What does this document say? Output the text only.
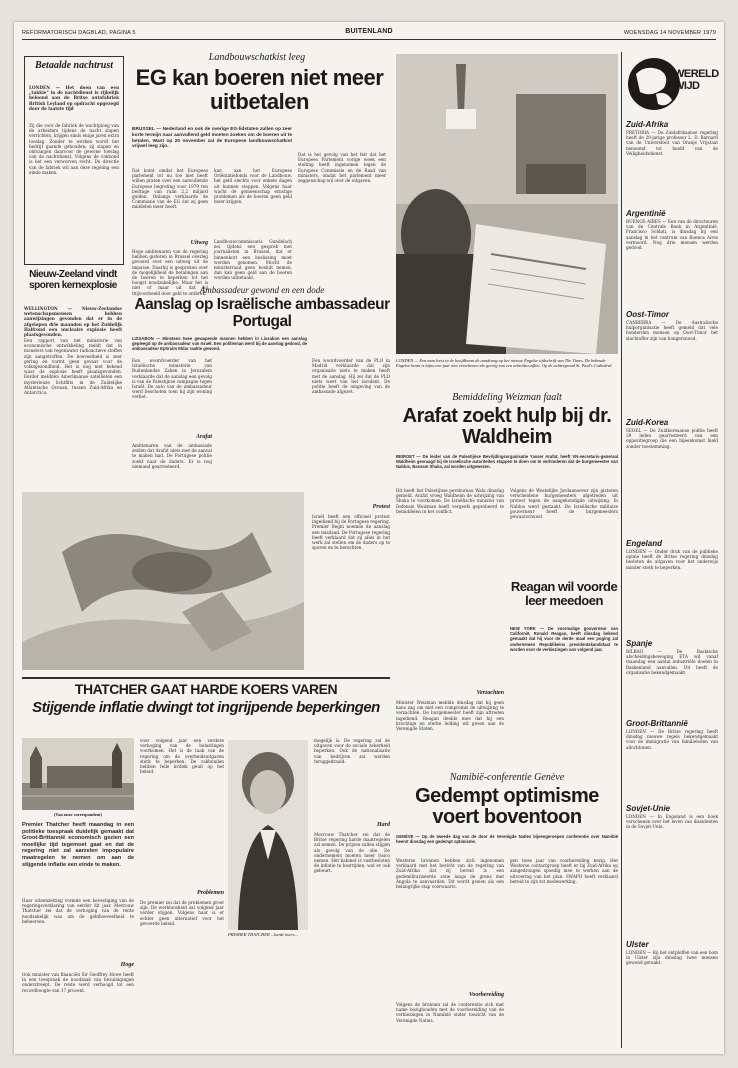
REFORMATORISCH DAGBLAD, PAGINA 5	BUITENLAND	WOENSDAG 14 NOVEMBER 1979
Betaalde nachtrust
LONDEN — Het doen van een „tukkie" in de nachtdienst is rijkelijk beloond aan de Britse autofabriek British Leyland op opdracht opgezegd door de laatste tijd
Zij die voor de fabriek de wachtploeg van de arbeiders tijdens de nacht slapen verrichten, krijgen sinds enige jaren extra toeslag. Zonder te werken wordt het bedrijf gaande gehouden; zij slapen en ontvangen daarvoor de gewone toeslag van de nachtdienst. Volgens de vakbond is het een verworven recht. De directie van de fabriek wil aan deze regeling een einde maken.
Nieuw-Zeeland vindt sporen kernexplosie
WELLINGTON — Nieuw-Zeelandse wetenschapsmensen hebben aanwijzingen gevonden dat er in de afgelopen drie maanden op het Zuidelijk Halfrond een nucleaire explosie heeft plaatsgevonden.
Een rapport van het ministerie van economische ontwikkeling meldt dat in monsters van regenwater radioactieve stoffen zijn aangetroffen. De hoeveelheid is zeer gering en vormt geen gevaar voor de volksgezondheid. Het is nog niet bekend waar de explosie heeft plaatsgevonden. Eerder meldden Amerikaanse satellieten een mysterieuze lichtflits in de Zuidelijke Atlantische Oceaan, tussen Zuid-Afrika en Antarctica.
Landbouwschatkist leeg
EG kan boeren niet meer uitbetalen
BRUSSEL — Nederland en ook de overige EG-lidstaten zullen op zeer korte termijn naar aanvullend geld moeten zoeken om de boeren uit te betalen. Want op 20 november zal de Europese landbouwschatkist vrijwel leeg zijn.
Dat komt omdat het Europees parlement tot nu toe niet heeft willen praten over een aanvullende Europese begroting voor 1979 ten bedrage van ruim 2,2 miljard gulden. Onlangs verklaarde de Commissie van de EG dat zij geen middelen meer heeft.
kan aan het Europese Oriëntatiefonds voor de Landbouw, het geld slechts voor enkele dagen uit kunnen stoppen. Volgens haar wacht de gemeenschap ernstige problemen als de boeren geen geld meer krijgen.
Dat is het gevolg van het feit dat het Europees Parlement vorige week een stelling heeft ingenomen tegen de Europese Commissie en de Raad van ministers, omdat het parlement meer zeggenschap wil over de uitgaven.
Landbouwcommissaris Gundelach zei, tijdens een gesprek met journalisten in Brussel, dat er binnenkort een beslissing moet worden genomen. Mocht de ministerraad geen besluit nemen, dan kan geen geld aan de boeren worden uitbetaald.
Uitweg
Hoge ambtenaren van de regering hebben gisteren in Brussel overleg gevoerd over een uitweg uit de impasse. Daarbij is gesproken over de mogelijkheid de betalingen aan de boeren te beperken tot het hoogst noodzakelijke. Maar het is niet of maar uit dat bij thijvoorbeeld door geld te ontbrek.
Ambassadeur gewond en een dode
Aanslag op Israëlische ambassadeur Portugal
LISSABON — Minstens twee gewapende mannen hebben in Lissabon een aanslag gepleegd op de ambassadeur van Israël. Een politieman werd bij de aanslag gedood, de ambassadeur Ephraim Eldar raakte gewond.
Een woordvoerder van het Israëlische ministerie van Buitenlandse Zaken in Jeruzalem verklaarde dat de aanslag een gevolg is van de Palestijnse campagne tegen Israël. De auto van de ambassadeur werd beschoten toen hij zijn woning verliet.
Arafat
Ambtenaren van de ambassade zeiden dat Arafat niets met de aanval te maken had. De Portugese politie zoekt naar de daders. Er is nog niemand gearresteerd.
Een woordvoerder van de PLO in Madrid verklaarde dat zijn organisatie niets te maken heeft met de aanslag. Hij zei dat de PLO niets weet van het incident. De politie heeft de omgeving van de ambassade afgezet.
Protest
Israël heeft een officieel protest ingediend bij de Portugese regering. Premier Begin noemde de aanslag een misdaad. De Portugese regering heeft verklaard dat zij alles in het werk zal stellen om de daders op te sporen en te berechten.
LONDEN — Een man leest in de hoofdkrant de aandrang op het nieuwe Engelse tijdschrift van The Times. De bekende Engelse krant is bijna een jaar niet verschenen als gevolg van een arbeidsconflict. Op de achtergrond St. Paul's Cathedral.
Bemiddeling Weizman faalt
Arafat zoekt hulp bij dr. Waldheim
BEIROET — De leider van de Palestijnse Bevrijdingsorganisatie Yasser Arafat, heeft VN-secretaris-generaal Waldheim gevraagd bij de Israëlische autoriteiten stappen te doen om te verhinderen dat de burgemeester van Nablus, Bassam Shaka, zal worden uitgewezen.
Dit heeft het Palestijnse persbureau Wafa dinsdag gemeld. Arafat vroeg Waldheim de uitwijzing van Shaka te voorkomen. De Israëlische minister van Defensie Weizman heeft vergeefs geprobeerd te bemiddelen in het conflict.
Volgens de Westelijke Jordaanoever zijn gisteren verscheidene burgemeesters afgetreden uit protest tegen de aangekondigde uitwijzing. In Nablus werd gestaakt. De Israëlische militaire gouverneur heeft de burgemeesters gewaarschuwd.
Reagan wil voorde leer meedoen
NEW YORK — De voormalige gouverneur van Californië, Ronald Reagan, heeft dinsdag bekend gemaakt dat hij voor de derde maal een poging zal ondernemen Republikeins presidentskandidaat te worden voor de verkiezingen van volgend jaar.
Verzachten
Minister Weizman meldde dinsdag dat hij geen kans zag om met een compromis de uitwijzing te verzachten. De burgemeester heeft zijn aftreden ingediend. Reagan deelde mee dat hij een krachtige en sterke leiding wil geven aan de Verenigde Staten.
Namibië-conferentie Genève
Gedempt optimisme voert boventoon
GENÈVE — Op de tweede dag van de door de Verenigde Naties bijeengeroepen conferentie over Namibië heerst dinsdag een gedempt optimisme.
Westerse bronnen hebben zich ingenomen verklaard met het bericht van de regering van Zuid-Afrika dat zij bereid is een gedemilitariseerde zone langs de grens met Angola te aanvaarden. Dit wordt gezien als een belangrijke stap voorwaarts.
Voorbereiding
Volgens de bronnen zal de conferentie zich met name bezighouden met de voorbereiding van de verkiezingen in Namibië onder toezicht van de Verenigde Naties.
gen twee jaar van voorbereiding bezig. Het Westerse contactgroep heeft er bij Zuid-Afrika op aangedrongen spoedig mee te werken aan de uitvoering van het plan. SWAPO heeft verklaard bereid te zijn tot medewerking.
THATCHER GAAT HARDE KOERS VAREN
Stijgende inflatie dwingt tot ingrijpende beperkingen
(Van onze correspondent)
Premier Thatcher heeft maandag in een politieke toespraak duidelijk gemaakt dat Groot-Brittannië economisch gezien een moeilijke tijd tegemoet gaat en dat de regering niet zal aarzelen impopulaire maatregelen te nemen om aan de stijgende inflatie een einde te maken.
Haar uiteenzetting vormde een bevestiging van de regeringsverklaring van eerder dit jaar. Mevrouw Thatcher zei dat de verhoging van de rente noodzakelijk was om de geldhoeveelheid te beheersen.
Hoge
Ook minister van financiën Sir Geoffrey Howe heeft in een toespraak de noodzaak van bezuinigingen onderstreept. De rente werd verhoogd tot een recordhoogte van 17 procent.
voor volgend jaar een verdere verhoging van de belastingen voorkomen. Het is de taak van de regering om de overheidsuitgaven sterk te beperken. De vakbonden hebben felle kritiek geuit op het beleid.
Problemen
De premier zei dat de problemen groot zijn. De werkloosheid zal volgend jaar verder stijgen. Volgens haar is er echter geen alternatief voor het gevoerde beleid.
PREMIER THATCHER ...harde koers...
mogelijk is. De regering zal de uitgaven voor de sociale zekerheid beperken. Ook de nationalisatie van bedrijven zal worden teruggedraaid.
Hard
Mevrouw Thatcher zei dat de Britse regering harde maatregelen zal nemen. De prijzen zullen stijgen als gevolg van de olie. De ondernemers moeten meer risico nemen. Het kabinet is vastbesloten de inflatie te bestrijden, wat er ook gebeurt.
WERELD WIJD
Zuid-Afrika
PRETORIA — De Zuidafrikaanse regering heeft de 20-jarige professor L. D. Barnard van de Universiteit van Oranje Vrijstaat benoemd tot hoofd van de Veiligheidsdienst.
Argentinië
BUENOS AIRES — Een van de directeuren van de Centrale Bank in Argentinië, Francisco Soldati, is dinsdag bij een aanslag in het centrum van Buenos Aires vermoord. Nog drie mensen werden gedood.
Oost-Timor
CANBERRA — De Australische hulporganisatie heeft gemeld dat vele honderden mensen op Oost-Timor het slachtoffer zijn van hongersnood.
Zuid-Korea
SEOEL — De Zuidkoreaanse politie heeft 29 leden gearresteerd van een oppositiegroep die een bijeenkomst hield zonder toestemming.
Engeland
LONDEN — Onder druk van de publieke opinie heeft de Britse regering dinsdag besloten de uitgaven voor het onderwijs minder sterk te beperken.
Spanje
BILBAO — De Baskische afscheidingsbeweging ETA wil vanaf maandag een aantal industriële doelen in Baskenland aanvallen. Dit heeft de organisatie bekendgemaakt.
Groot-Brittannië
LONDEN — De Britse regering heeft dinsdag nieuwe regels bekendgemaakt voor de immigratie van familieleden van allochtonen.
Sovjet-Unie
LONDEN — In Engeland is een boek verschenen over het leven van dissidenten in de Sovjet-Unie.
Ulster
LONDEN — Bij het ontploffen van een bom in Ulster zijn dinsdag twee mensen gewond geraakt.
